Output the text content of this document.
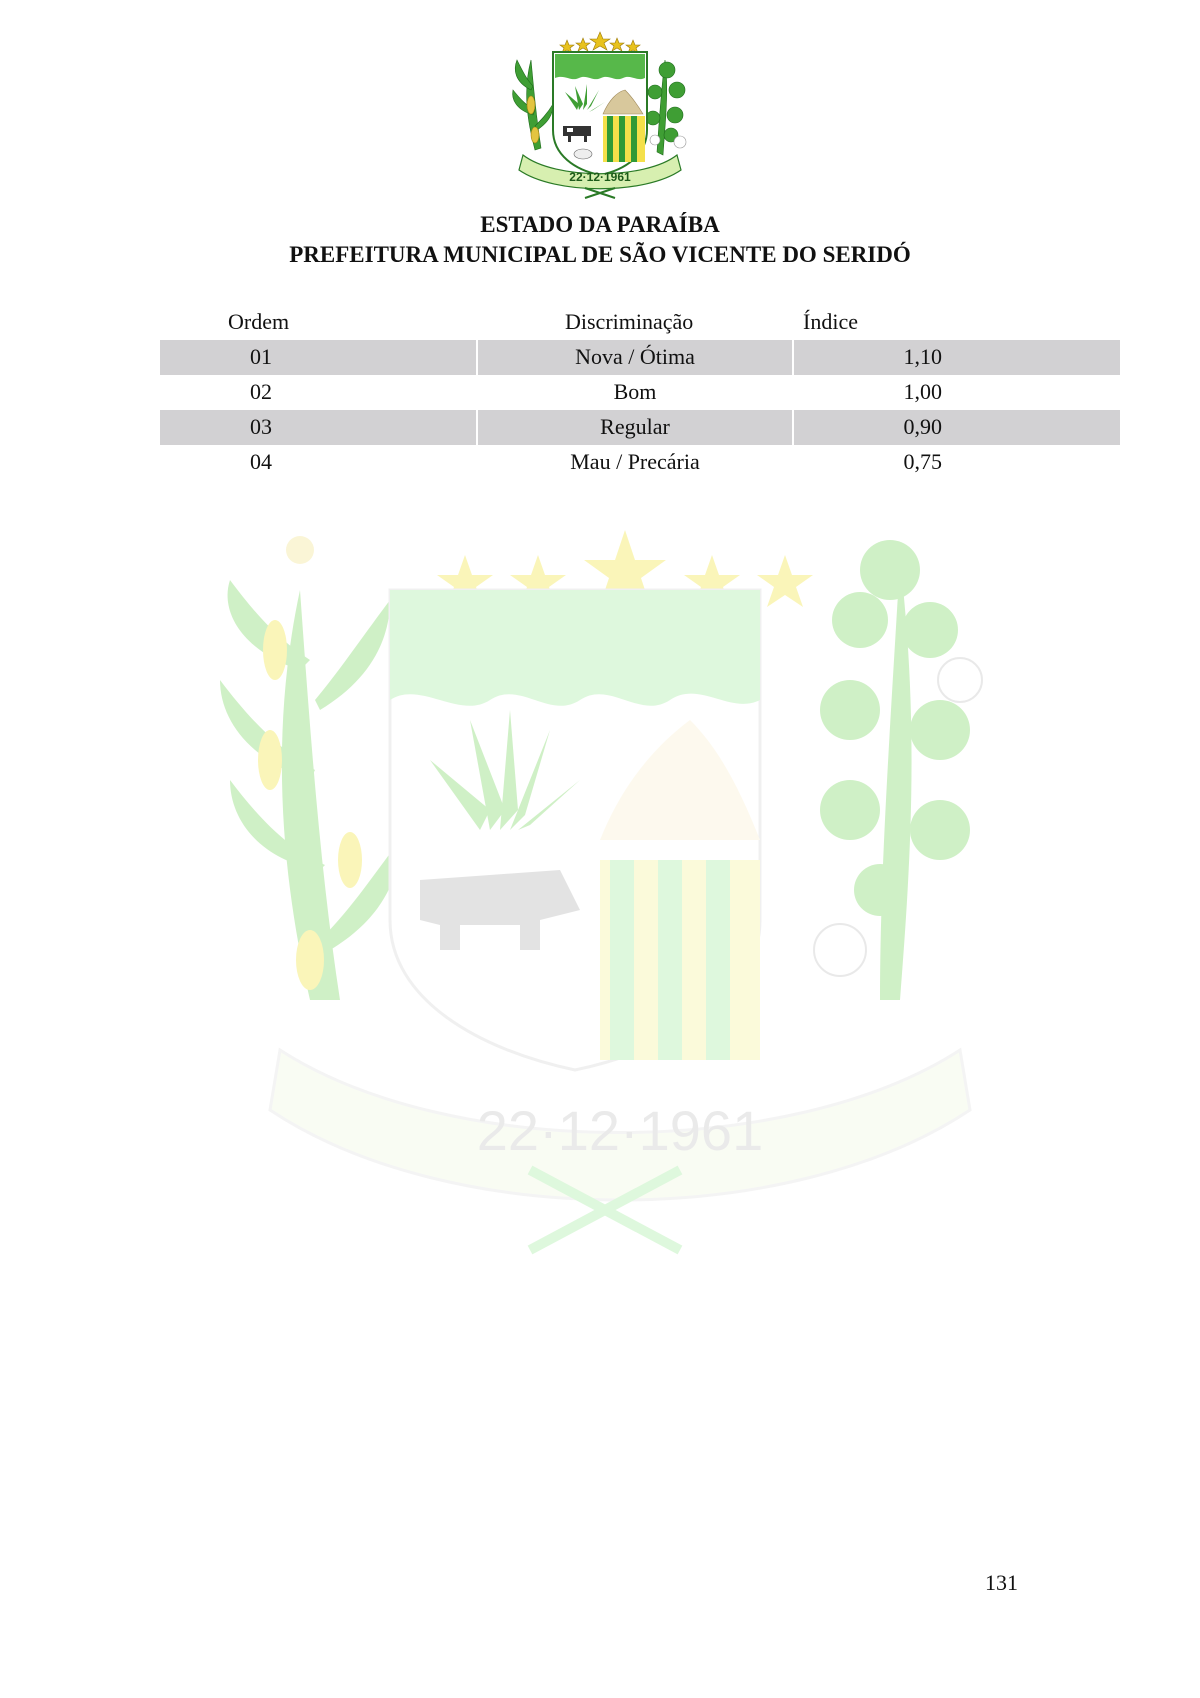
22·12·1961
ESTADO DA PARAÍBA
PREFEITURA MUNICIPAL DE SÃO VICENTE DO SERIDÓ
Ordem	Discriminação	Índice
01	Nova / Ótima	1,10
02	Bom	1,00
03	Regular	0,90
04	Mau / Precária	0,75
22·12·1961
131
